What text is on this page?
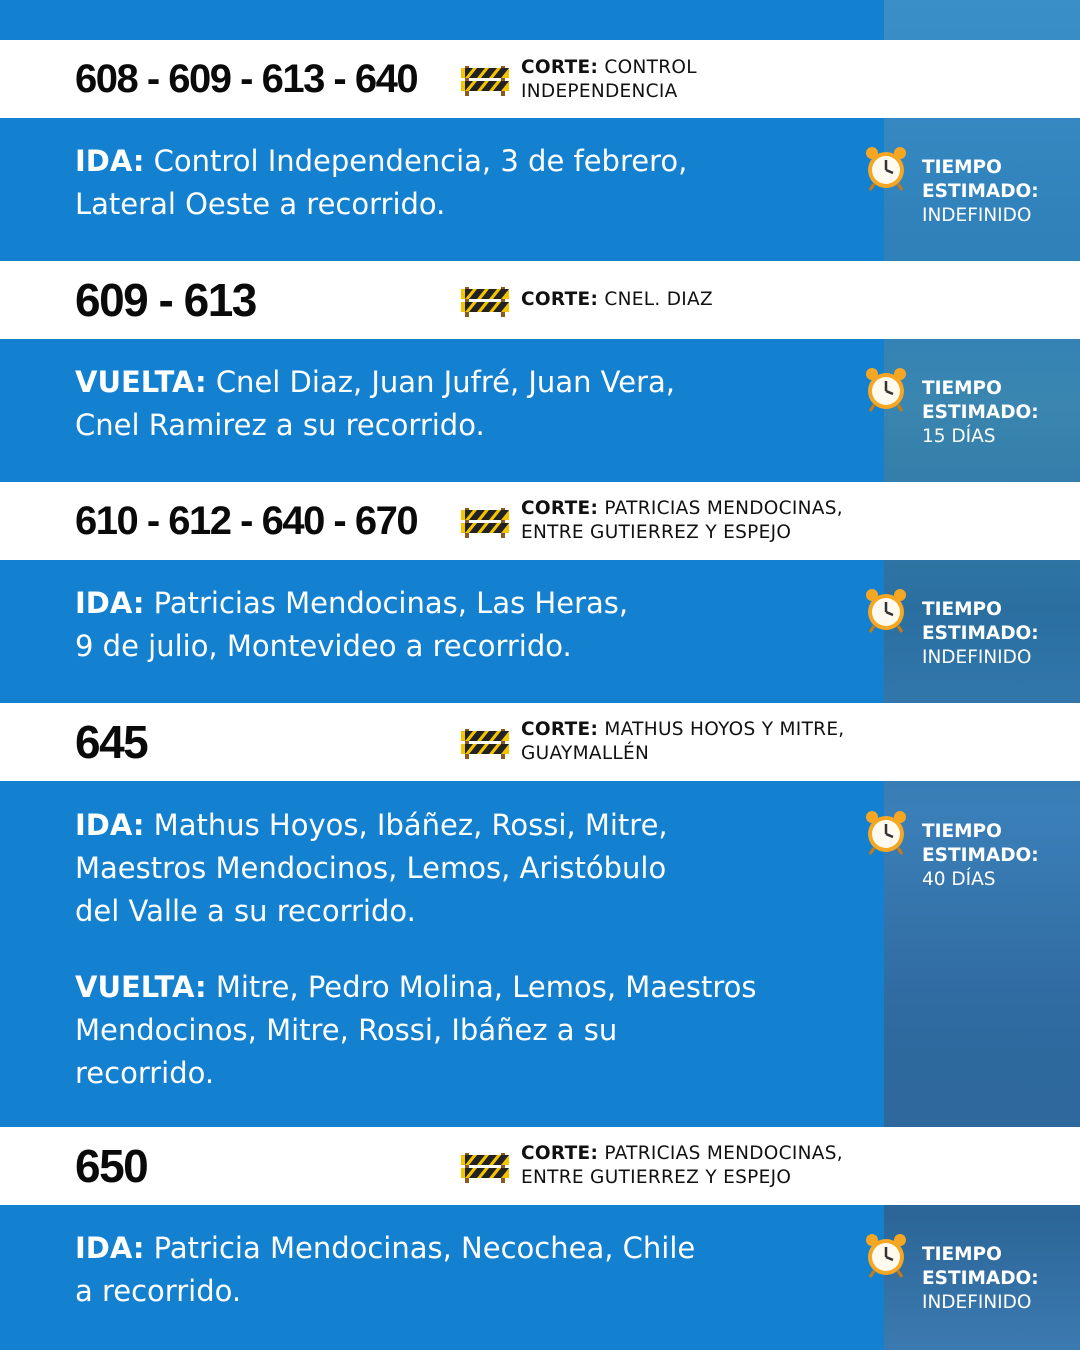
608 - 609 - 613 - 640	CORTE: CONTROL
INDEPENDENCIA
IDA: Control Independencia, 3 de febrero,
Lateral Oeste a recorrido.
TIEMPO
ESTIMADO:
INDEFINIDO
609 - 613	CORTE: CNEL. DIAZ
VUELTA: Cnel Diaz, Juan Jufré, Juan Vera,
Cnel Ramirez a su recorrido.
TIEMPO
ESTIMADO:
15 DÍAS
610 - 612 - 640 - 670	CORTE: PATRICIAS MENDOCINAS,
ENTRE GUTIERREZ Y ESPEJO
IDA: Patricias Mendocinas, Las Heras,
9 de julio, Montevideo a recorrido.
TIEMPO
ESTIMADO:
INDEFINIDO
645	CORTE: MATHUS HOYOS Y MITRE,
GUAYMALLÉN
IDA: Mathus Hoyos, Ibáñez, Rossi, Mitre,
Maestros Mendocinos, Lemos, Aristóbulo
del Valle a su recorrido.
VUELTA: Mitre, Pedro Molina, Lemos, Maestros
Mendocinos, Mitre, Rossi, Ibáñez a su
recorrido.
TIEMPO
ESTIMADO:
40 DÍAS
650	CORTE: PATRICIAS MENDOCINAS,
ENTRE GUTIERREZ Y ESPEJO
IDA: Patricia Mendocinas, Necochea, Chile
a recorrido.
TIEMPO
ESTIMADO:
INDEFINIDO
